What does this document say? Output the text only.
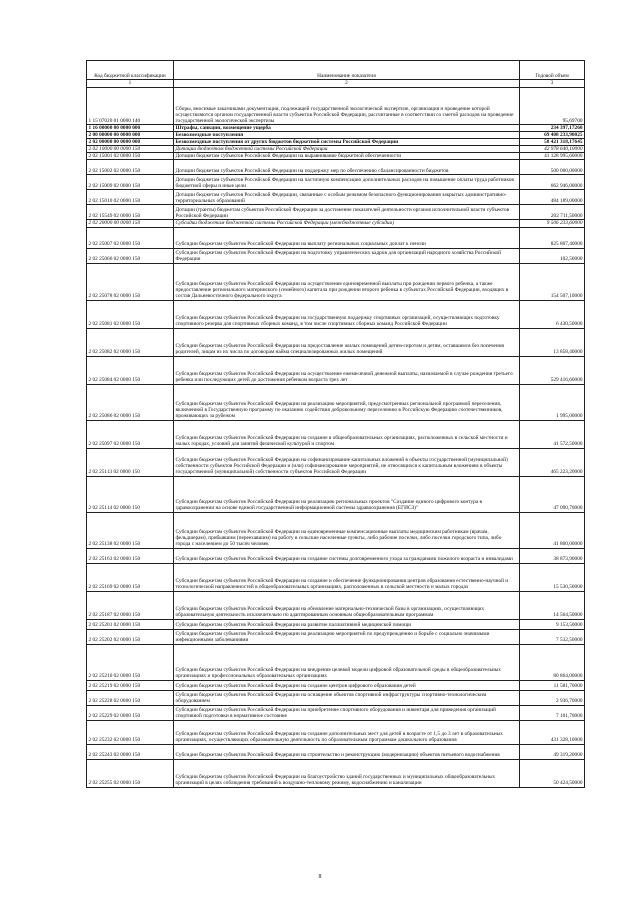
Код бюджетной классификации	Наименование показателя	Годовой объем
1	2	3
1 15 07020 01 0000 140	Сборы, вносимые заказчиками документации, подлежащей государственной экологической экспертизе, организация и проведение которой осуществляются органом государственной власти субъектов Российской Федерации, рассчитанные в соответствии со сметой расходов на проведение государственной экологической экспертизы	95,69700
1 16 00000 00 0000 000	Штрафы, санкции, возмещение ущерба	234 397,17260
2 00 00000 00 0000 000	Безвозмездные поступления	69 408 233,90025
2 02 00000 00 0000 000	Безвозмездные поступления от других бюджетов бюджетной системы Российской Федерации	58 421 318,17645
2 02 10000 00 0000 150	Дотации бюджетам бюджетной системы Российской Федерации	42 978 640,10000
2 02 15001 02 0000 150	Дотации бюджетам субъектов Российской Федерации на выравнивание бюджетной обеспеченности	41 128 995,60000
2 02 15002 02 0000 150	Дотации бюджетам субъектов Российской Федерации на поддержку мер по обеспечению сбалансированности бюджетов	500 000,00000
2 02 15009 02 0000 150	Дотации бюджетам субъектов Российской Федерации на частичную компенсацию дополнительных расходов на повышение оплаты труда работников бюджетной сферы и иные цели	662 946,00000
2 02 15010 02 0000 150	Дотации бюджетам субъектов Российской Федерации, связанные с особым режимом безопасного функционирования закрытых административно-территориальных образований	484 189,00000
2 02 15549 02 0000 150	Дотации (гранты) бюджетам субъектов Российской Федерации за достижение показателей деятельности органов исполнительной власти субъектов Российской Федерации	202 711,50000
2 02 20000 00 0000 150	Субсидии бюджетам бюджетной системы Российской Федерации (межбюджетные субсидии)	9 506 233,60000
2 02 25007 02 0000 150	Субсидии бюджетам субъектов Российской Федерации на выплату региональных социальных доплат к пенсии	825 807,40000
2 02 25066 02 0000 150	Субсидии бюджетам субъектов Российской Федерации на подготовку управленческих кадров для организаций народного хозяйства Российской Федерации	102,50000
2 02 25078 02 0000 150	Субсидии бюджетам субъектов Российской Федерации на осуществление единовременной выплаты при рождении первого ребенка, а также предоставление регионального материнского (семейного) капитала при рождении второго ребенка в субъектах Российской Федерации, входящих в состав Дальневосточного федерального округа	154 507,10000
2 02 25081 02 0000 150	Субсидии бюджетам субъектов Российской Федерации на государственную поддержку спортивных организаций, осуществляющих подготовку спортивного резерва для спортивных сборных команд, в том числе спортивных сборных команд Российской Федерации	6 430,50000
2 02 25082 02 0000 150	Субсидии бюджетам субъектов Российской Федерации на предоставление жилых помещений детям-сиротам и детям, оставшимся без попечения родителей, лицам из их числа по договорам найма специализированных жилых помещений	13 858,40000
2 02 25084 02 0000 150	Субсидии бюджетам субъектов Российской Федерации на осуществление ежемесячной денежной выплаты, назначаемой в случае рождения третьего ребенка или последующих детей до достижения ребенком возраста трех лет	529 416,60000
2 02 25086 02 0000 150	Субсидии бюджетам субъектов Российской Федерации на реализацию мероприятий, предусмотренных региональной программой переселения, включенной в Государственную программу по оказанию содействия добровольному переселению в Российскую Федерацию соотечественников, проживающих за рубежом	1 995,00000
2 02 25097 02 0000 150	Субсидии бюджетам субъектов Российской Федерации на создание в общеобразовательных организациях, расположенных в сельской местности и малых городах, условий для занятий физической культурой и спортом	41 572,50000
2 02 25113 02 0000 150	Субсидии бюджетам субъектов Российской Федерации на софинансирование капитальных вложений в объекты государственной (муниципальной) собственности субъектов Российской Федерации и (или) софинансирование мероприятий, не относящихся к капитальным вложениям в объекты государственной (муниципальной) собственности субъектов Российской Федерации	465 223,20000
2 02 25114 02 0000 150	Субсидии бюджетам субъектов Российской Федерации на реализацию региональных проектов "Создание единого цифрового контура в здравоохранении на основе единой государственной информационной системы здравоохранения (ЕГИСЗ)"	47 090,70000
2 02 25138 02 0000 150	Субсидии бюджетам субъектов Российской Федерации на единовременные компенсационные выплаты медицинским работникам (врачам, фельдшерам), прибывшим (переехавшим) на работу в сельские населенные пункты, либо рабочие поселки, либо поселки городского типа, либо города с населением до 50 тысяч человек	41 800,00000
2 02 25163 02 0000 150	Субсидии бюджетам субъектов Российской Федерации на создание системы долговременного ухода за гражданами пожилого возраста и инвалидами	38 873,90000
2 02 25169 02 0000 150	Субсидии бюджетам субъектов Российской Федерации на создание и обеспечение функционирования центров образования естественно-научной и технологической направленностей в общеобразовательных организациях, расположенных в сельской местности и малых городах	15 530,50000
2 02 25187 02 0000 150	Субсидии бюджетам субъектов Российской Федерации на обновление материально-технической базы в организациях, осуществляющих образовательную деятельность исключительно по адаптированным основным общеобразовательным программам	14 564,50000
2 02 25201 02 0000 150	Субсидии бюджетам субъектов Российской Федерации на развитие паллиативной медицинской помощи	9 153,50000
2 02 25202 02 0000 150	Субсидии бюджетам субъектов Российской Федерации на реализацию мероприятий по предупреждению и борьбе с социально значимыми инфекционными заболеваниями	7 532,50000
2 02 25210 02 0000 150	Субсидии бюджетам субъектов Российской Федерации на внедрение целевой модели цифровой образовательной среды в общеобразовательных организациях и профессиональных образовательных организациях	80 864,00000
2 02 25219 02 0000 150	Субсидии бюджетам субъектов Российской Федерации на создание центров цифрового образования детей	11 581,70000
2 02 25228 02 0000 150	Субсидии бюджетам субъектов Российской Федерации на оснащение объектов спортивной инфраструктуры спортивно-технологическим оборудованием	2 936,70000
2 02 25229 02 0000 150	Субсидии бюджетам субъектов Российской Федерации на приобретение спортивного оборудования и инвентаря для приведения организаций спортивной подготовки в нормативное состояние	7 101,70000
2 02 25232 02 0000 150	Субсидии бюджетам субъектов Российской Федерации на создание дополнительных мест для детей в возрасте от 1,5 до 3 лет в образовательных организациях, осуществляющих образовательную деятельность по образовательным программам дошкольного образования	431 328,10000
2 02 25243 02 0000 150	Субсидии бюджетам субъектов Российской Федерации на строительство и реконструкцию (модернизацию) объектов питьевого водоснабжения	49 319,20000
2 02 25255 02 0000 150	Субсидии бюджетам субъектов Российской Федерации на благоустройство зданий государственных и муниципальных общеобразовательных организаций в целях соблюдения требований к воздушно-тепловому режиму, водоснабжению и канализации	50 424,50000
8
